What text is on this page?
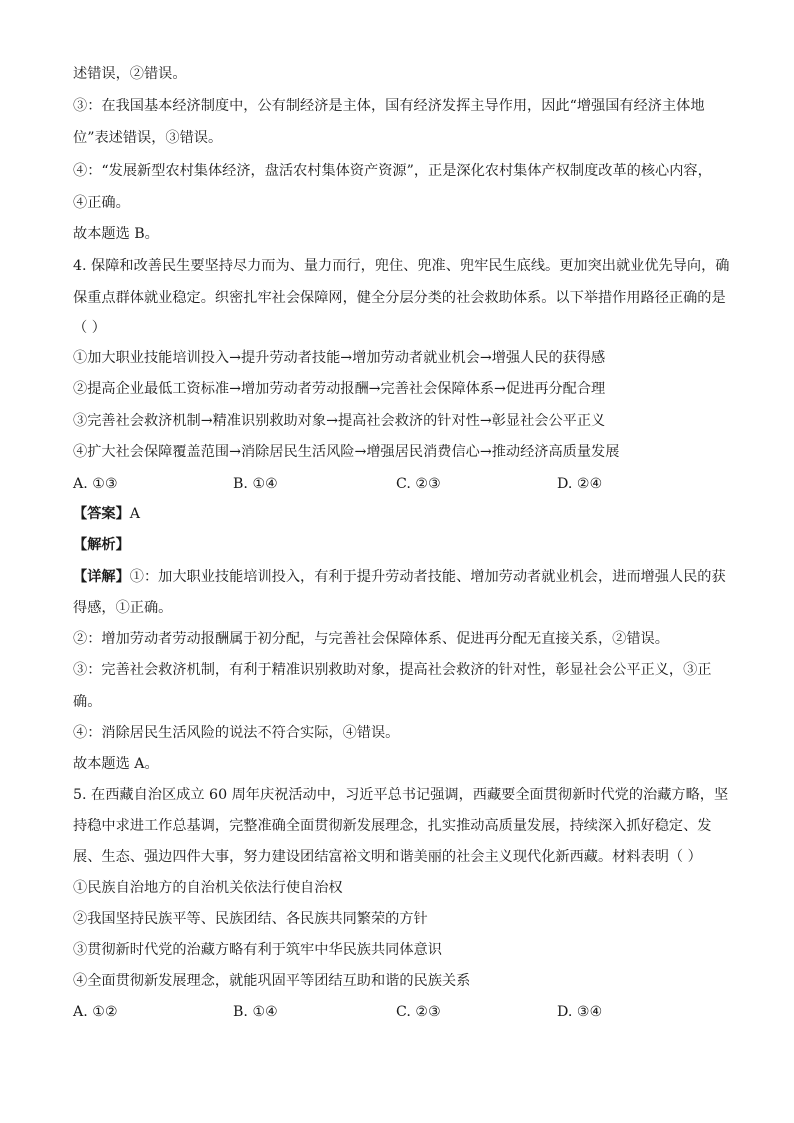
述错误，②错误。
③：在我国基本经济制度中，公有制经济是主体，国有经济发挥主导作用，因此“增强国有经济主体地
位”表述错误，③错误。
④：“发展新型农村集体经济，盘活农村集体资产资源”，正是深化农村集体产权制度改革的核心内容，
④正确。
故本题选 B。
4. 保障和改善民生要坚持尽力而为、量力而行，兜住、兜准、兜牢民生底线。更加突出就业优先导向，确
保重点群体就业稳定。织密扎牢社会保障网，健全分层分类的社会救助体系。以下举措作用路径正确的是
（ ）
①加大职业技能培训投入→提升劳动者技能→增加劳动者就业机会→增强人民的获得感
②提高企业最低工资标准→增加劳动者劳动报酬→完善社会保障体系→促进再分配合理
③完善社会救济机制→精准识别救助对象→提高社会救济的针对性→彰显社会公平正义
④扩大社会保障覆盖范围→消除居民生活风险→增强居民消费信心→推动经济高质量发展
A. ①③	B. ①④	C. ②③	D. ②④
【答案】A
【解析】
【详解】①：加大职业技能培训投入，有利于提升劳动者技能、增加劳动者就业机会，进而增强人民的获
得感，①正确。
②：增加劳动者劳动报酬属于初分配，与完善社会保障体系、促进再分配无直接关系，②错误。
③：完善社会救济机制，有利于精准识别救助对象，提高社会救济的针对性，彰显社会公平正义，③正
确。
④：消除居民生活风险的说法不符合实际，④错误。
故本题选 A。
5. 在西藏自治区成立 60 周年庆祝活动中，习近平总书记强调，西藏要全面贯彻新时代党的治藏方略，坚
持稳中求进工作总基调，完整准确全面贯彻新发展理念，扎实推动高质量发展，持续深入抓好稳定、发
展、生态、强边四件大事，努力建设团结富裕文明和谐美丽的社会主义现代化新西藏。材料表明（ ）
①民族自治地方的自治机关依法行使自治权
②我国坚持民族平等、民族团结、各民族共同繁荣的方针
③贯彻新时代党的治藏方略有利于筑牢中华民族共同体意识
④全面贯彻新发展理念，就能巩固平等团结互助和谐的民族关系
A. ①②	B. ①④	C. ②③	D. ③④
